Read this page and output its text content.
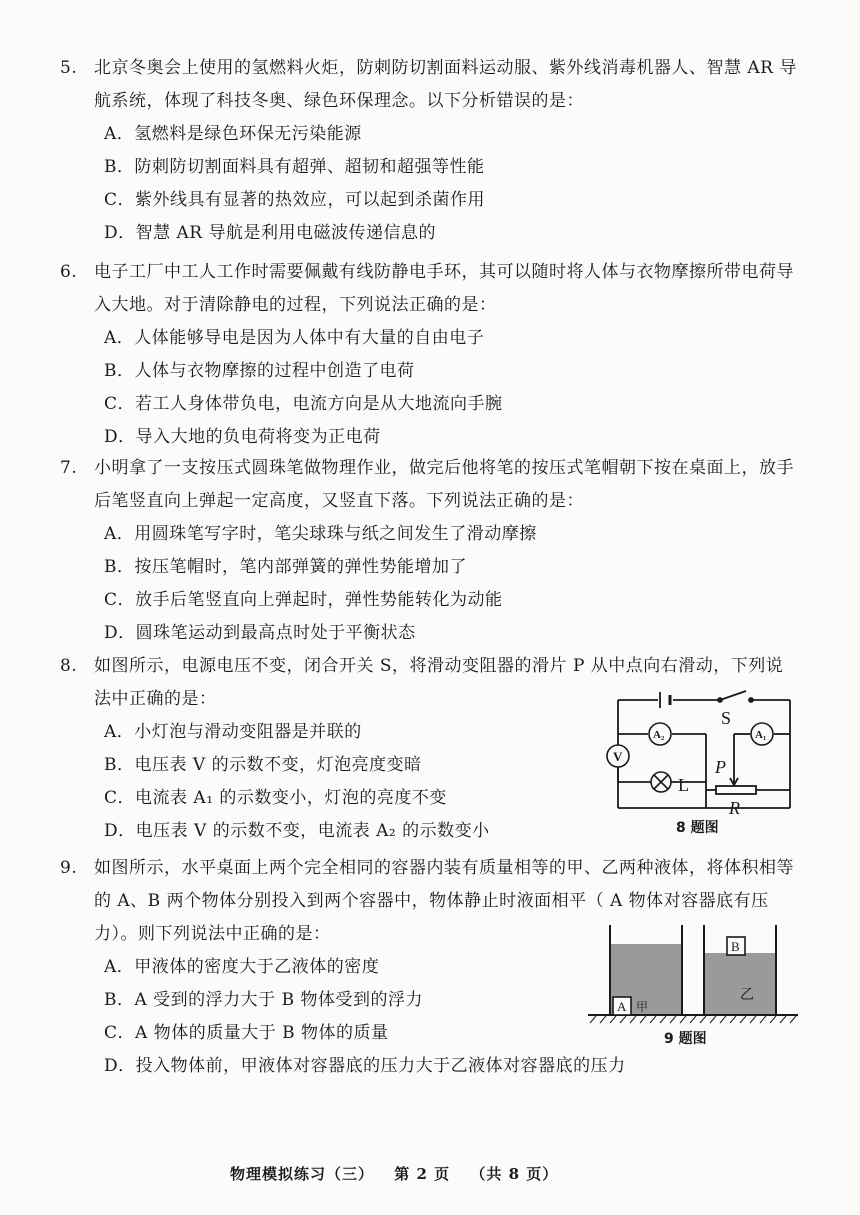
5. 北京冬奥会上使用的氢燃料火炬，防刺防切割面料运动服、紫外线消毒机器人、智慧 AR 导航系统，体现了科技冬奥、绿色环保理念。以下分析错误的是：
A．氢燃料是绿色环保无污染能源
B．防刺防切割面料具有超弹、超韧和超强等性能
C．紫外线具有显著的热效应，可以起到杀菌作用
D．智慧 AR 导航是利用电磁波传递信息的
6. 电子工厂中工人工作时需要佩戴有线防静电手环，其可以随时将人体与衣物摩擦所带电荷导入大地。对于清除静电的过程，下列说法正确的是：
A．人体能够导电是因为人体中有大量的自由电子
B．人体与衣物摩擦的过程中创造了电荷
C．若工人身体带负电，电流方向是从大地流向手腕
D．导入大地的负电荷将变为正电荷
7. 小明拿了一支按压式圆珠笔做物理作业，做完后他将笔的按压式笔帽朝下按在桌面上，放手后笔竖直向上弹起一定高度，又竖直下落。下列说法正确的是：
A．用圆珠笔写字时，笔尖球珠与纸之间发生了滑动摩擦
B．按压笔帽时，笔内部弹簧的弹性势能增加了
C．放手后笔竖直向上弹起时，弹性势能转化为动能
D．圆珠笔运动到最高点时处于平衡状态
8. 如图所示，电源电压不变，闭合开关 S，将滑动变阻器的滑片 P 从中点向右滑动，下列说法中正确的是：
A．小灯泡与滑动变阻器是并联的
B．电压表 V 的示数不变，灯泡亮度变暗
C．电流表 A₁ 的示数变小，灯泡的亮度不变
D．电压表 V 的示数不变，电流表 A₂ 的示数变小
9. 如图所示，水平桌面上两个完全相同的容器内装有质量相等的甲、乙两种液体，将体积相等的 A、B 两个物体分别投入到两个容器中，物体静止时液面相平（ A 物体对容器底有压力）。则下列说法中正确的是：
A．甲液体的密度大于乙液体的密度
B．A 受到的浮力大于 B 物体受到的浮力
C．A 物体的质量大于 B 物体的质量
D．投入物体前，甲液体对容器底的压力大于乙液体对容器底的压力
A₂	A₁
V
L
P
R
S
8 题图
A
B
甲
乙
9 题图
物理模拟练习（三） 第 2 页 （共 8 页）
